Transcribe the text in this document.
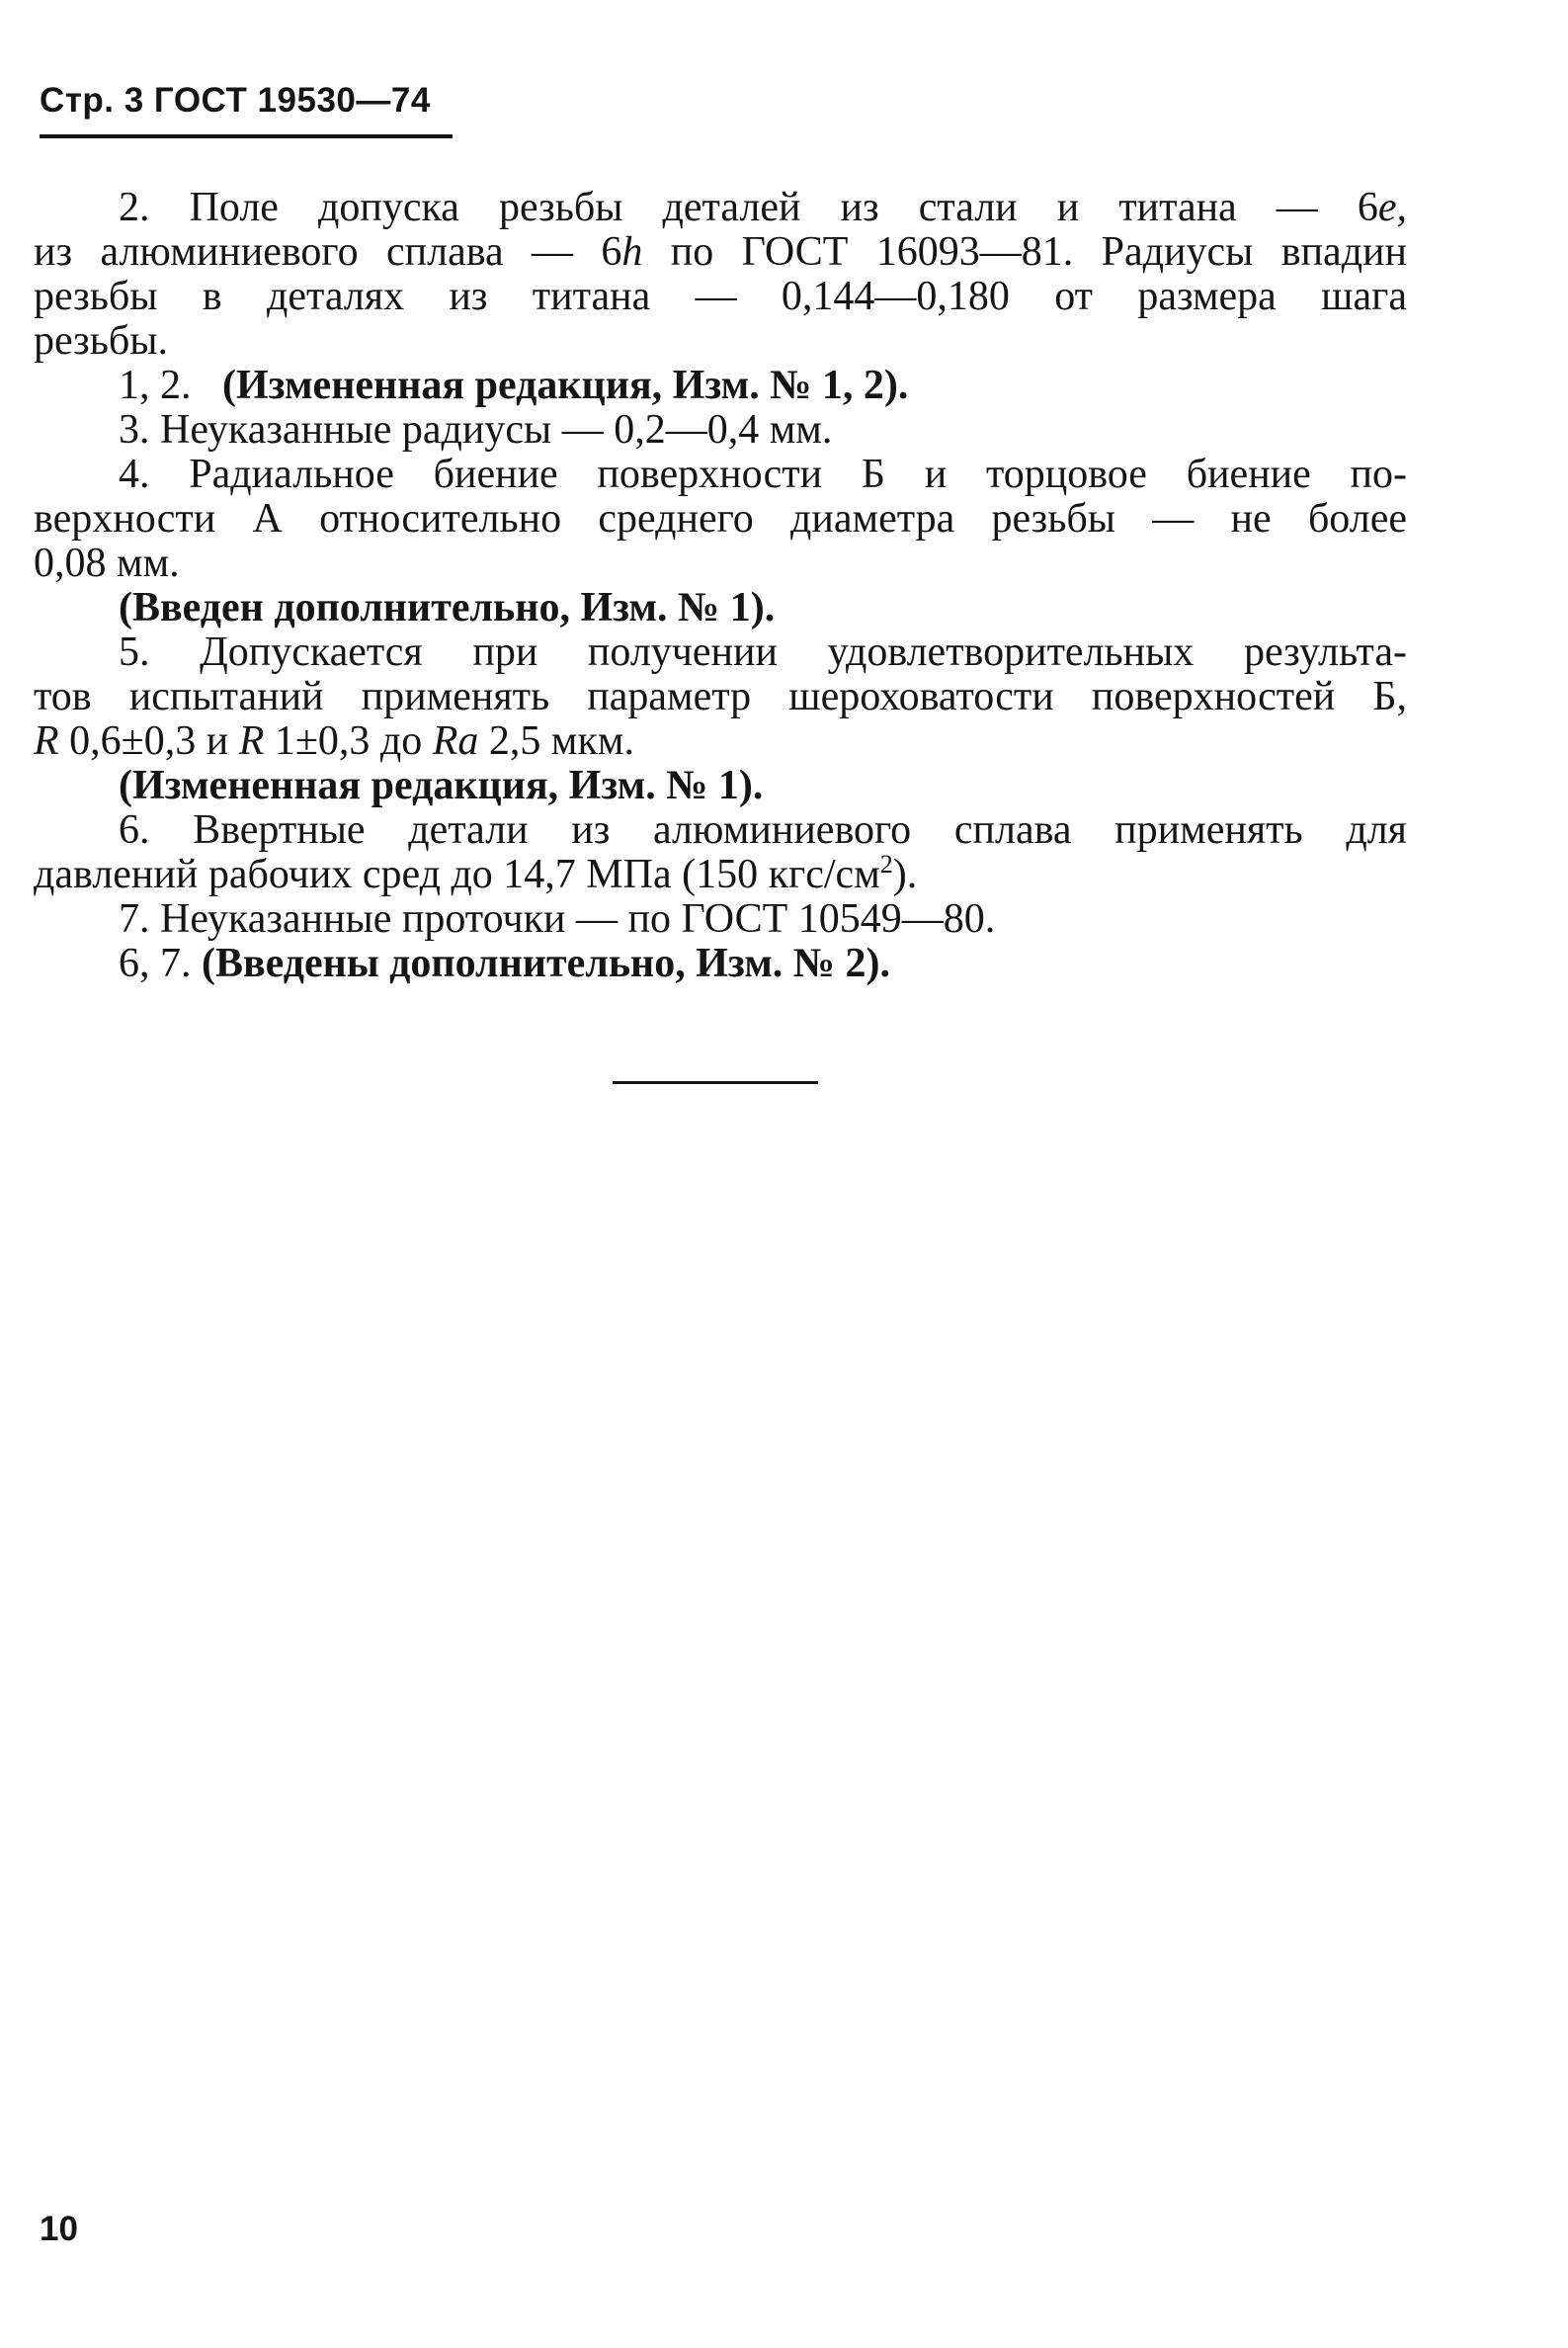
Стр. 3 ГОСТ 19530—74
2. Поле допуска резьбы деталей из стали и титана — 6e,
из алюминиевого сплава — 6h по ГОСТ 16093—81. Радиусы впадин
резьбы в деталях из титана — 0,144—0,180 от размера шага
резьбы.
1, 2. (Измененная редакция, Изм. № 1, 2).
3. Неуказанные радиусы — 0,2—0,4 мм.
4. Радиальное биение поверхности Б и торцовое биение по-
верхности А относительно среднего диаметра резьбы — не более
0,08 мм.
(Введен дополнительно, Изм. № 1).
5. Допускается при получении удовлетворительных результа-
тов испытаний применять параметр шероховатости поверхностей Б,
R 0,6±0,3 и R 1±0,3 до Ra 2,5 мкм.
(Измененная редакция, Изм. № 1).
6. Ввертные детали из алюминиевого сплава применять для
давлений рабочих сред до 14,7 МПа (150 кгс/$см^2$).
7. Неуказанные проточки — по ГОСТ 10549—80.
6, 7. (Введены дополнительно, Изм. № 2).
10
